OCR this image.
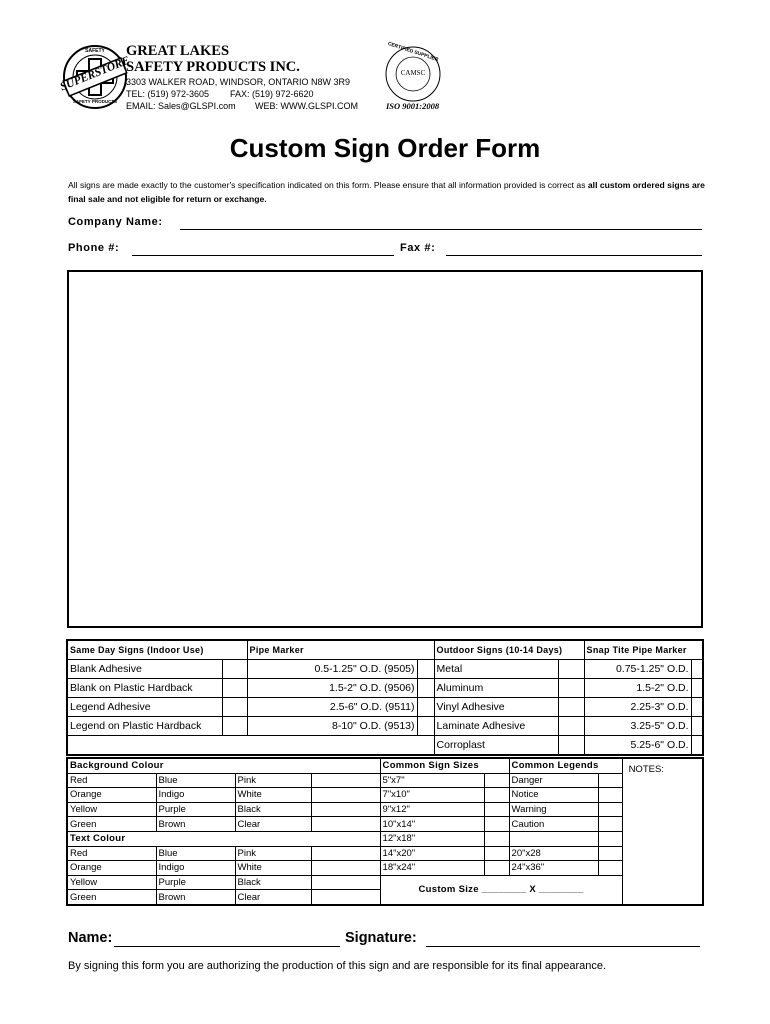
SUPERSTORE
SAFETY
SAFETY PRODUCTS
GREAT LAKES
SAFETY PRODUCTS INC.
3303 WALKER ROAD, WINDSOR, ONTARIO N8W 3R9
TEL: (519) 972-3605 FAX: (519) 972-6620
EMAIL: Sales@GLSPI.com WEB: WWW.GLSPI.COM
CERTIFIED SUPPLIER
CAMSC
ISO 9001:2008
Custom Sign Order Form
All signs are made exactly to the customer's specification indicated on this form. Please ensure that all information provided is correct as all custom ordered signs are final sale and not eligible for return or exchange.
Company Name:
Phone #:	Fax #:
Same Day Signs (Indoor Use)		Pipe Marker		Outdoor Signs (10-14 Days)		Snap Tite Pipe Marker	
Blank Adhesive		0.5-1.25" O.D. (9505)		Metal		0.75-1.25" O.D.	
Blank on Plastic Hardback		1.5-2" O.D. (9506)		Aluminum		1.5-2" O.D.	
Legend Adhesive		2.5-6" O.D. (9511)		Vinyl Adhesive		2.25-3" O.D.	
Legend on Plastic Hardback		8-10" O.D. (9513)		Laminate Adhesive		3.25-5" O.D.	
				Corroplast		5.25-6" O.D.	
Background Colour				Common Sign Sizes		Common Legends		NOTES:
Red	Blue	Pink		5"x7"		Danger		
Orange	Indigo	White		7"x10"		Notice		
Yellow	Purple	Black		9"x12"		Warning		
Green	Brown	Clear		10"x14"		Caution		
Text Colour				12"x18"				
Red	Blue	Pink		14"x20"		20"x28		
Orange	Indigo	White		18"x24"		24"x36"		
Yellow	Purple	Black		Custom Size ________ X ________				
Green	Brown	Clear						
Name:	Signature:
By signing this form you are authorizing the production of this sign and are responsible for its final appearance.
